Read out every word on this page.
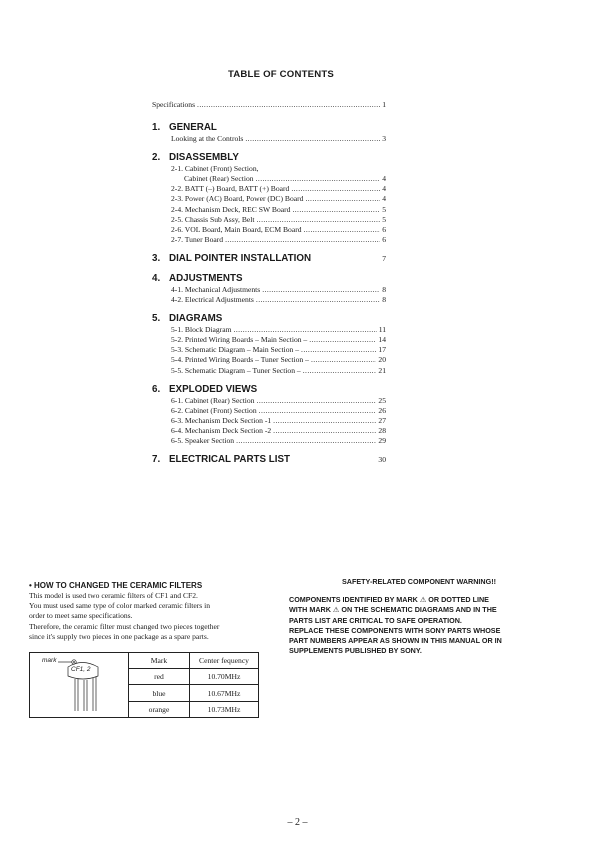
TABLE OF CONTENTS
Specifications .....	1
1. GENERAL
Looking at the Controls .....	3
2. DISASSEMBLY
2-1. Cabinet (Front) Section,
Cabinet (Rear) Section .....	4
2-2. BATT (–) Board, BATT (+) Board .....	4
2-3. Power (AC) Board, Power (DC) Board .....	4
2-4. Mechanism Deck, REC SW Board .....	5
2-5. Chassis Sub Assy, Belt .....	5
2-6. VOL Board, Main Board, ECM Board .....	6
2-7. Tuner Board .....	6
3. DIAL POINTER INSTALLATION	7
4. ADJUSTMENTS
4-1. Mechanical Adjustments .....	8
4-2. Electrical Adjustments .....	8
5. DIAGRAMS
5-1. Block Diagram .....	11
5-2. Printed Wiring Boards – Main Section – .....	14
5-3. Schematic Diagram – Main Section – .....	17
5-4. Printed Wiring Boards – Tuner Section – .....	20
5-5. Schematic Diagram – Tuner Section – .....	21
6. EXPLODED VIEWS
6-1. Cabinet (Rear) Section .....	25
6-2. Cabinet (Front) Section .....	26
6-3. Mechanism Deck Section -1 .....	27
6-4. Mechanism Deck Section -2 .....	28
6-5. Speaker Section .....	29
7. ELECTRICAL PARTS LIST	30
• HOW TO CHANGED THE CERAMIC FILTERS
This model is used two ceramic filters of CF1 and CF2.
You must used same type of color marked ceramic filters in
order to meet same specifications.
Therefore, the ceramic filter must changed two pieces together
since it's supply two pieces in one package as a spare parts.
mark
CF1, 2
Mark	Center fequency
red	10.70MHz
blue	10.67MHz
orange	10.73MHz
SAFETY-RELATED COMPONENT WARNING!!
COMPONENTS IDENTIFIED BY MARK ⚠ OR DOTTED LINE
WITH MARK ⚠ ON THE SCHEMATIC DIAGRAMS AND IN THE
PARTS LIST ARE CRITICAL TO SAFE OPERATION.
REPLACE THESE COMPONENTS WITH SONY PARTS WHOSE
PART NUMBERS APPEAR AS SHOWN IN THIS MANUAL OR IN
SUPPLEMENTS PUBLISHED BY SONY.
– 2 –
